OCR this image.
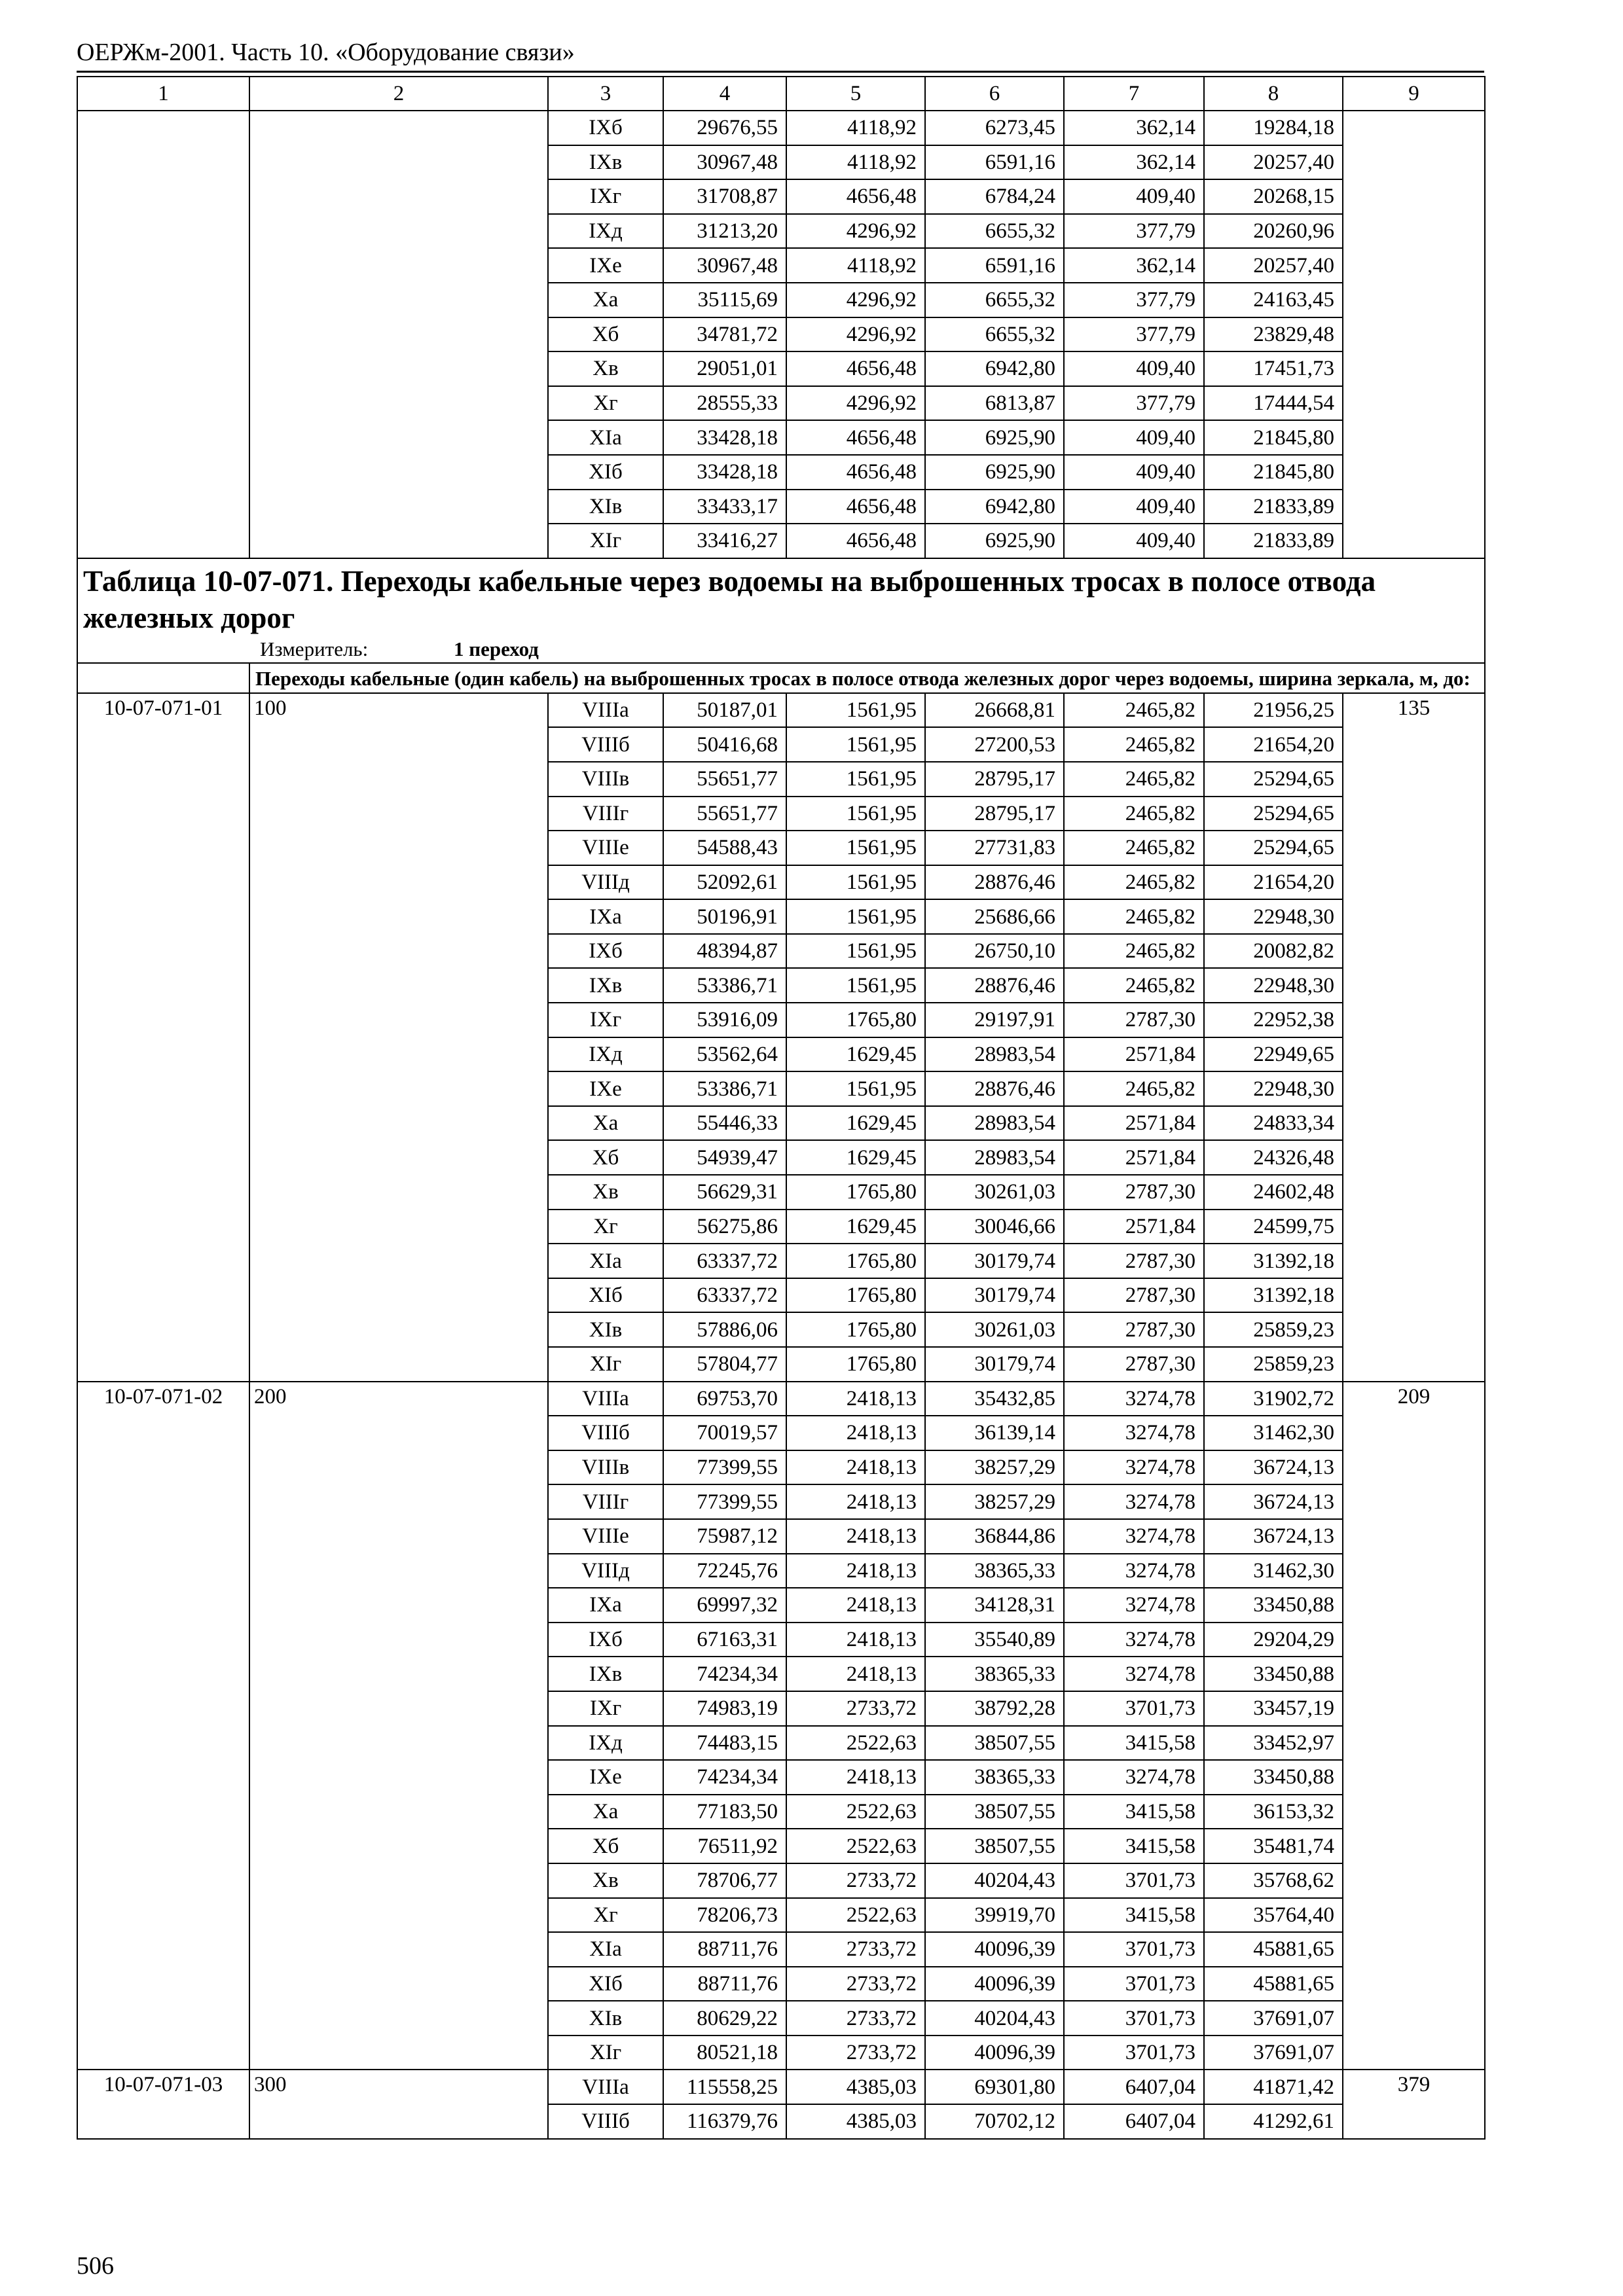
ОЕРЖм-2001. Часть 10. «Оборудование связи»
1	2	3	4	5	6	7	8	9
		IXб	29676,55	4118,92	6273,45	362,14	19284,18	
		IXв	30967,48	4118,92	6591,16	362,14	20257,40	
		IXг	31708,87	4656,48	6784,24	409,40	20268,15	
		IXд	31213,20	4296,92	6655,32	377,79	20260,96	
		IXе	30967,48	4118,92	6591,16	362,14	20257,40	
		Xа	35115,69	4296,92	6655,32	377,79	24163,45	
		Xб	34781,72	4296,92	6655,32	377,79	23829,48	
		Xв	29051,01	4656,48	6942,80	409,40	17451,73	
		Xг	28555,33	4296,92	6813,87	377,79	17444,54	
		XIа	33428,18	4656,48	6925,90	409,40	21845,80	
		XIб	33428,18	4656,48	6925,90	409,40	21845,80	
		XIв	33433,17	4656,48	6942,80	409,40	21833,89	
		XIг	33416,27	4656,48	6925,90	409,40	21833,89	

Таблица 10-07-071. Переходы кабельные через водоемы на выброшенных тросах в полосе отвода железных дорог
Измеритель: 1 переход								

	Переходы кабельные (один кабель) на выброшенных тросах в полосе отвода железных дорог через водоемы, ширина зеркала, м, до:							
10-07-071-01	100	VIIIа	50187,01	1561,95	26668,81	2465,82	21956,25	135
		VIIIб	50416,68	1561,95	27200,53	2465,82	21654,20	
		VIIIв	55651,77	1561,95	28795,17	2465,82	25294,65	
		VIIIг	55651,77	1561,95	28795,17	2465,82	25294,65	
		VIIIе	54588,43	1561,95	27731,83	2465,82	25294,65	
		VIIIд	52092,61	1561,95	28876,46	2465,82	21654,20	
		IXа	50196,91	1561,95	25686,66	2465,82	22948,30	
		IXб	48394,87	1561,95	26750,10	2465,82	20082,82	
		IXв	53386,71	1561,95	28876,46	2465,82	22948,30	
		IXг	53916,09	1765,80	29197,91	2787,30	22952,38	
		IXд	53562,64	1629,45	28983,54	2571,84	22949,65	
		IXе	53386,71	1561,95	28876,46	2465,82	22948,30	
		Xа	55446,33	1629,45	28983,54	2571,84	24833,34	
		Xб	54939,47	1629,45	28983,54	2571,84	24326,48	
		Xв	56629,31	1765,80	30261,03	2787,30	24602,48	
		Xг	56275,86	1629,45	30046,66	2571,84	24599,75	
		XIа	63337,72	1765,80	30179,74	2787,30	31392,18	
		XIб	63337,72	1765,80	30179,74	2787,30	31392,18	
		XIв	57886,06	1765,80	30261,03	2787,30	25859,23	
		XIг	57804,77	1765,80	30179,74	2787,30	25859,23	
10-07-071-02	200	VIIIа	69753,70	2418,13	35432,85	3274,78	31902,72	209
		VIIIб	70019,57	2418,13	36139,14	3274,78	31462,30	
		VIIIв	77399,55	2418,13	38257,29	3274,78	36724,13	
		VIIIг	77399,55	2418,13	38257,29	3274,78	36724,13	
		VIIIе	75987,12	2418,13	36844,86	3274,78	36724,13	
		VIIIд	72245,76	2418,13	38365,33	3274,78	31462,30	
		IXа	69997,32	2418,13	34128,31	3274,78	33450,88	
		IXб	67163,31	2418,13	35540,89	3274,78	29204,29	
		IXв	74234,34	2418,13	38365,33	3274,78	33450,88	
		IXг	74983,19	2733,72	38792,28	3701,73	33457,19	
		IXд	74483,15	2522,63	38507,55	3415,58	33452,97	
		IXе	74234,34	2418,13	38365,33	3274,78	33450,88	
		Xа	77183,50	2522,63	38507,55	3415,58	36153,32	
		Xб	76511,92	2522,63	38507,55	3415,58	35481,74	
		Xв	78706,77	2733,72	40204,43	3701,73	35768,62	
		Xг	78206,73	2522,63	39919,70	3415,58	35764,40	
		XIа	88711,76	2733,72	40096,39	3701,73	45881,65	
		XIб	88711,76	2733,72	40096,39	3701,73	45881,65	
		XIв	80629,22	2733,72	40204,43	3701,73	37691,07	
		XIг	80521,18	2733,72	40096,39	3701,73	37691,07	
10-07-071-03	300	VIIIа	115558,25	4385,03	69301,80	6407,04	41871,42	379
		VIIIб	116379,76	4385,03	70702,12	6407,04	41292,61	
506
